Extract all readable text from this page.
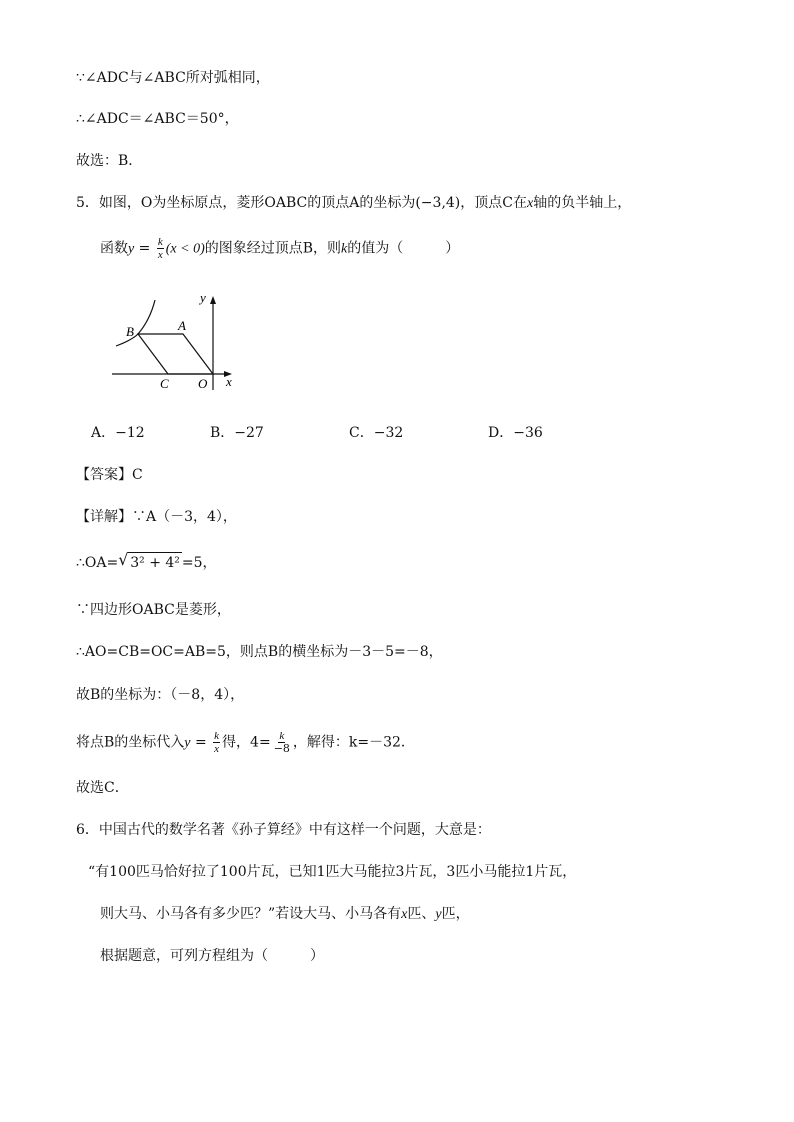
∵∠ADC与∠ABC所对弧相同，
∴∠ADC＝∠ABC＝50°，
故选：B．
5．如图，O为坐标原点，菱形OABC的顶点A的坐标为(−3,4)，顶点C在x轴的负半轴上，
函数$y = \frac{k}{x} (x < 0)$的图象经过顶点B，则k的值为（　　　）
y
x
A
B
C O
A．−12	B．−27	C．−32	D．−36
【答案】C
【详解】∵A（－3，4），
∴OA= √ 3² + 4² =5，
∵四边形OABC是菱形，
∴AO=CB=OC=AB=5，则点B的横坐标为－3－5=－8，
故B的坐标为：（－8，4），
将点B的坐标代入$y = \frac{k}{x}$ 得，$4= \frac{k}{-8}$ ，解得：k=－32．
故选C．
6．中国古代的数学名著《孙子算经》中有这样一个问题，大意是：
“有100匹马恰好拉了100片瓦，已知1匹大马能拉3片瓦，3匹小马能拉1片瓦，
则大马、小马各有多少匹？”若设大马、小马各有x匹、y匹，
根据题意，可列方程组为（　　　）
